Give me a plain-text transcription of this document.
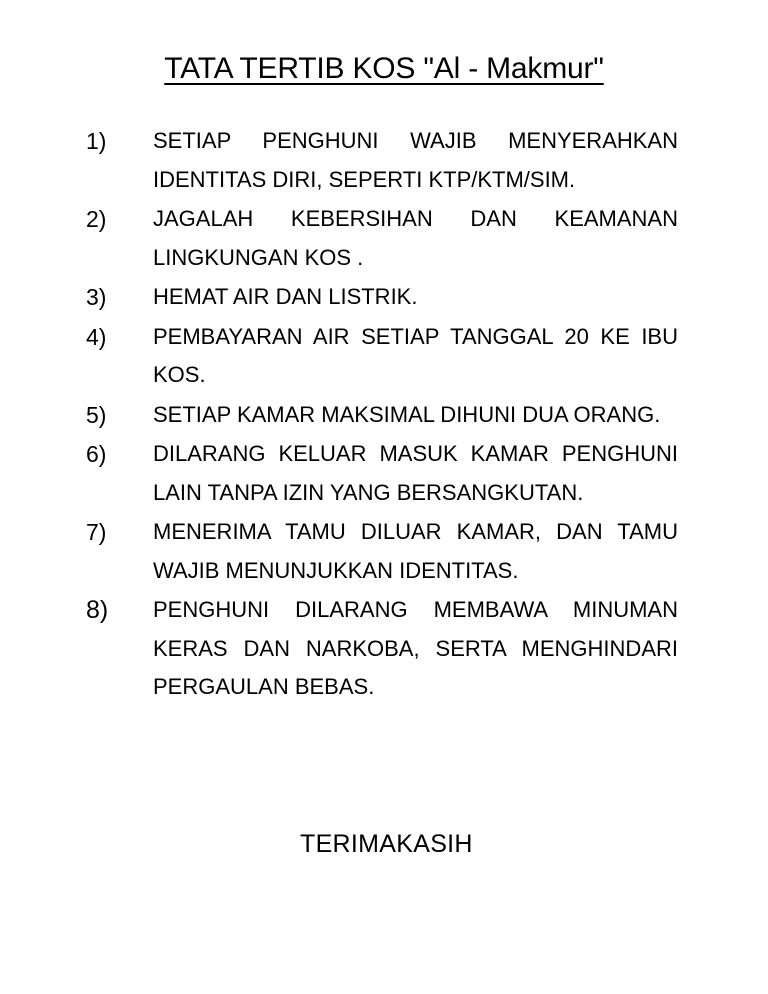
TATA TERTIB KOS "Al - Makmur"
1)	SETIAP PENGHUNI WAJIB MENYERAHKAN IDENTITAS DIRI, SEPERTI KTP/KTM/SIM.
2)	JAGALAH KEBERSIHAN DAN KEAMANAN LINGKUNGAN KOS .
3)	HEMAT AIR DAN LISTRIK.
4)	PEMBAYARAN AIR SETIAP TANGGAL 20 KE IBU KOS.
5)	SETIAP KAMAR MAKSIMAL DIHUNI DUA ORANG.
6)	DILARANG KELUAR MASUK KAMAR PENGHUNI LAIN TANPA IZIN YANG BERSANGKUTAN.
7)	MENERIMA TAMU DILUAR KAMAR, DAN TAMU WAJIB MENUNJUKKAN IDENTITAS.
8)	PENGHUNI DILARANG MEMBAWA MINUMAN KERAS DAN NARKOBA, SERTA MENGHINDARI PERGAULAN BEBAS.
TERIMAKASIH
